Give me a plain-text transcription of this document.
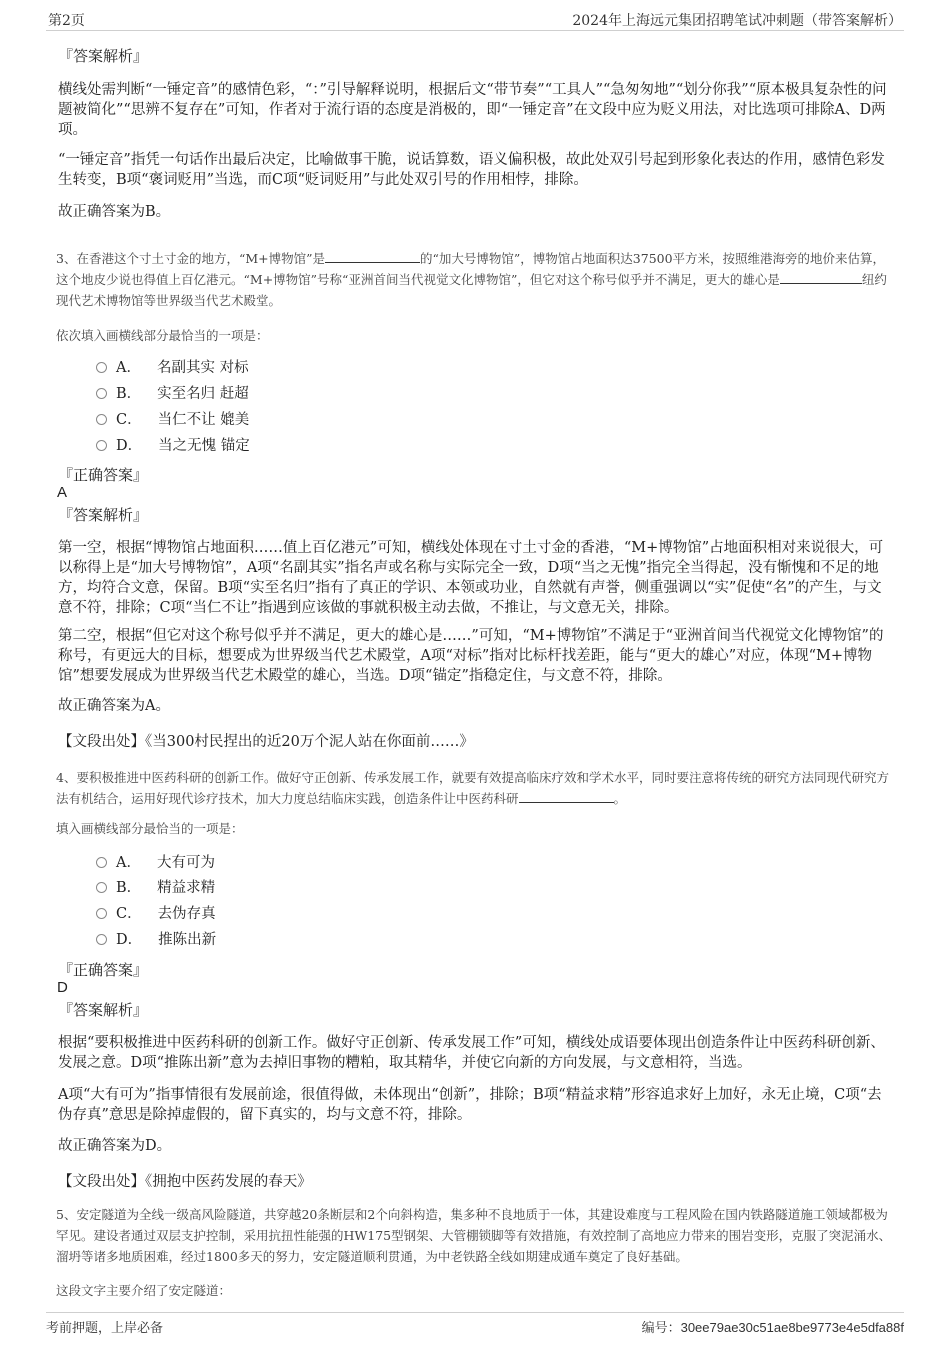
第2页	2024年上海远元集团招聘笔试冲刺题（带答案解析）
『答案解析』
横线处需判断“一锤定音”的感情色彩，“：”引导解释说明，根据后文“带节奏”“工具人”“急匆匆地”“划分你我”“原本极具复杂性的问题被简化”“思辨不复存在”可知，作者对于流行语的态度是消极的，即“一锤定音”在文段中应为贬义用法，对比选项可排除A、D两项。
“一锤定音”指凭一句话作出最后决定，比喻做事干脆，说话算数，语义偏积极，故此处双引号起到形象化表达的作用，感情色彩发生转变，B项“褒词贬用”当选，而C项“贬词贬用”与此处双引号的作用相悖，排除。
故正确答案为B。
3、在香港这个寸土寸金的地方，“M+博物馆”是	的“加大号博物馆”，博物馆占地面积达37500平方米，按照维港海旁的地价来估算，这个地皮少说也得值上百亿港元。“M+博物馆”号称“亚洲首间当代视觉文化博物馆”，但它对这个称号似乎并不满足，更大的雄心是	纽约现代艺术博物馆等世界级当代艺术殿堂。
依次填入画横线部分最恰当的一项是：
A． 名副其实 对标
B． 实至名归 赶超
C． 当仁不让 媲美
D． 当之无愧 锚定
『正确答案』
A
『答案解析』
第一空，根据“博物馆占地面积……值上百亿港元”可知，横线处体现在寸土寸金的香港，“M+博物馆”占地面积相对来说很大，可以称得上是“加大号博物馆”，A项“名副其实”指名声或名称与实际完全一致，D项“当之无愧”指完全当得起，没有惭愧和不足的地方，均符合文意，保留。B项“实至名归”指有了真正的学识、本领或功业，自然就有声誉，侧重强调以“实”促使“名”的产生，与文意不符，排除；C项“当仁不让”指遇到应该做的事就积极主动去做，不推让，与文意无关，排除。
第二空，根据“但它对这个称号似乎并不满足，更大的雄心是……”可知，“M+博物馆”不满足于“亚洲首间当代视觉文化博物馆”的称号，有更远大的目标，想要成为世界级当代艺术殿堂，A项“对标”指对比标杆找差距，能与“更大的雄心”对应，体现“M+博物馆”想要发展成为世界级当代艺术殿堂的雄心，当选。D项“锚定”指稳定住，与文意不符，排除。
故正确答案为A。
【文段出处】《当300村民捏出的近20万个泥人站在你面前……》
4、要积极推进中医药科研的创新工作。做好守正创新、传承发展工作，就要有效提高临床疗效和学术水平，同时要注意将传统的研究方法同现代研究方法有机结合，运用好现代诊疗技术，加大力度总结临床实践，创造条件让中医药科研	。
填入画横线部分最恰当的一项是：
A． 大有可为
B． 精益求精
C． 去伪存真
D． 推陈出新
『正确答案』
D
『答案解析』
根据“要积极推进中医药科研的创新工作。做好守正创新、传承发展工作”可知，横线处成语要体现出创造条件让中医药科研创新、发展之意。D项“推陈出新”意为去掉旧事物的糟粕，取其精华，并使它向新的方向发展，与文意相符，当选。
A项“大有可为”指事情很有发展前途，很值得做，未体现出“创新”，排除；B项“精益求精”形容追求好上加好，永无止境，C项“去伪存真”意思是除掉虚假的，留下真实的，均与文意不符，排除。
故正确答案为D。
【文段出处】《拥抱中医药发展的春天》
5、安定隧道为全线一级高风险隧道，共穿越20条断层和2个向斜构造，集多种不良地质于一体，其建设难度与工程风险在国内铁路隧道施工领域都极为罕见。建设者通过双层支护控制，采用抗扭性能强的HW175型钢架、大管棚锁脚等有效措施，有效控制了高地应力带来的围岩变形，克服了突泥涌水、溜坍等诸多地质困难，经过1800多天的努力，安定隧道顺利贯通，为中老铁路全线如期建成通车奠定了良好基础。
这段文字主要介绍了安定隧道：
考前押题，上岸必备	编号：30ee79ae30c51ae8be9773e4e5dfa88f
